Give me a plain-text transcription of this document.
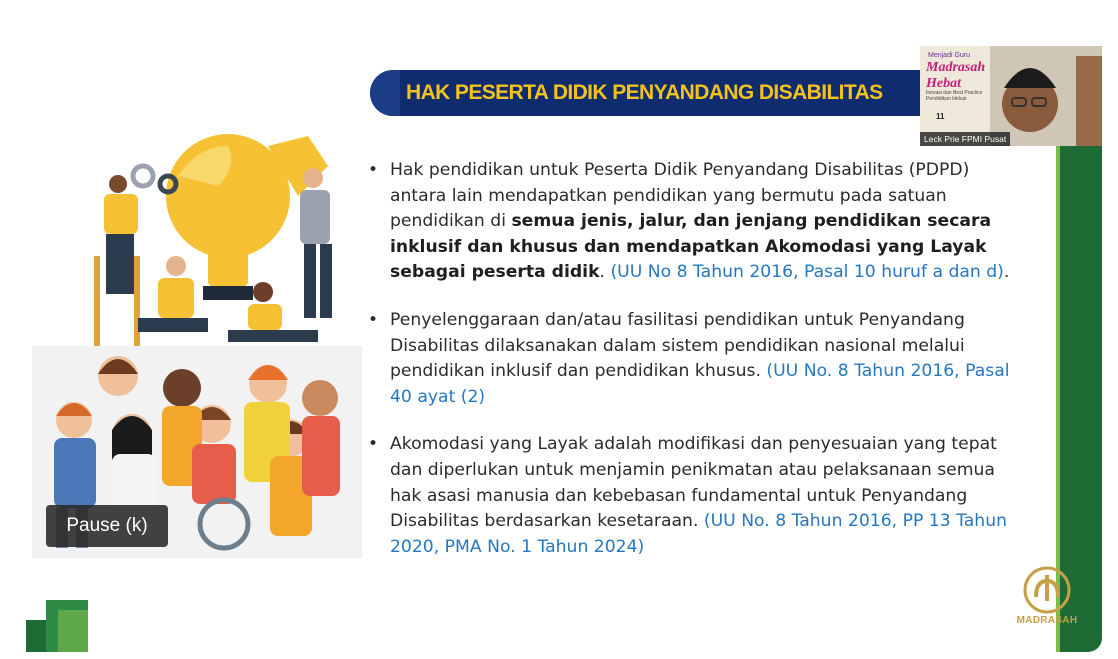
HAK PESERTA DIDIK PENYANDANG DISABILITAS
• Hak pendidikan untuk Peserta Didik Penyandang Disabilitas (PDPD) antara lain mendapatkan pendidikan yang bermutu pada satuan pendidikan di semua jenis, jalur, dan jenjang pendidikan secara inklusif dan khusus dan mendapatkan Akomodasi yang Layak sebagai peserta didik. (UU No 8 Tahun 2016, Pasal 10 huruf a dan d).
• Penyelenggaraan dan/atau fasilitasi pendidikan untuk Penyandang Disabilitas dilaksanakan dalam sistem pendidikan nasional melalui pendidikan inklusif dan pendidikan khusus. (UU No. 8 Tahun 2016, Pasal 40 ayat (2)
• Akomodasi yang Layak adalah modifikasi dan penyesuaian yang tepat dan diperlukan untuk menjamin penikmatan atau pelaksanaan semua hak asasi manusia dan kebebasan fundamental untuk Penyandang Disabilitas berdasarkan kesetaraan. (UU No. 8 Tahun 2016, PP 13 Tahun 2020, PMA No. 1 Tahun 2024)
MADRASAH
Pause (k)
Menjadi Guru
Madrasah Hebat
Inovasi dan Best Practice Pendidikan Inklusi
11
Leck Prie FPMI Pusat
